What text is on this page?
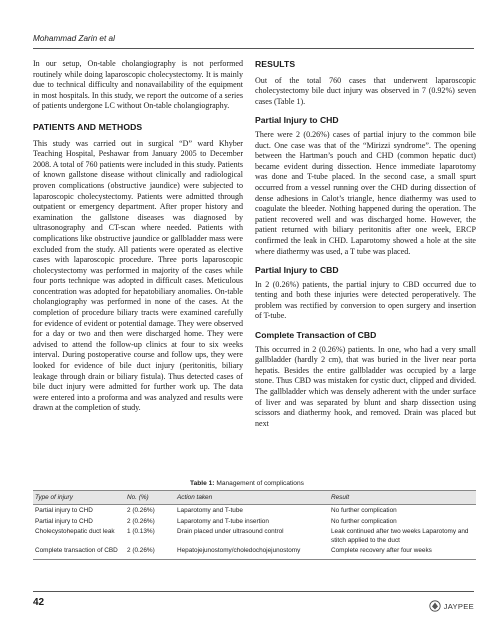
Mohammad Zarin et al

In our setup, On-table cholangiography is not performed routinely while doing laparoscopic cholecystectomy. It is mainly due to technical difficulty and nonavailability of the equipment in most hospitals. In this study, we report the outcome of a series of patients undergone LC without On-table cholangiography.

PATIENTS AND METHODS

This study was carried out in surgical “D” ward Khyber Teaching Hospital, Peshawar from January 2005 to December 2008. A total of 760 patients were included in this study. Patients of known gallstone disease without clinically and radiological proven complications (obstructive jaundice) were subjected to laparoscopic cholecystectomy. Patients were admitted through outpatient or emergency department. After proper history and examination the gallstone diseases was diagnosed by ultrasonography and CT-scan where needed. Patients with complications like obstructive jaundice or gallbladder mass were excluded from the study. All patients were operated as elective cases with laparoscopic procedure. Three ports laparoscopic cholecystectomy was performed in majority of the cases while four ports technique was adopted in difficult cases. Meticulous concentration was adopted for hepatobiliary anomalies. On-table cholangiography was performed in none of the cases. At the completion of procedure biliary tracts were examined carefully for evidence of evident or potential damage. They were observed for a day or two and then were discharged home. They were advised to attend the follow-up clinics at four to six weeks interval. During postoperative course and follow ups, they were looked for evidence of bile duct injury (peritonitis, biliary leakage through drain or biliary fistula). Thus detected cases of bile duct injury were admitted for further work up. The data were entered into a proforma and was analyzed and results were drawn at the completion of study.

RESULTS

Out of the total 760 cases that underwent laparoscopic cholecystectomy bile duct injury was observed in 7 (0.92%) seven cases (Table 1).

Partial Injury to CHD

There were 2 (0.26%) cases of partial injury to the common bile duct. One case was that of the “Mirizzi syndrome”. The opening between the Hartman’s pouch and CHD (common hepatic duct) became evident during dissection. Hence immediate laparotomy was done and T-tube placed. In the second case, a small spurt occurred from a vessel running over the CHD during dissection of dense adhesions in Calot’s triangle, hence diathermy was used to coagulate the bleeder. Nothing happened during the operation. The patient recovered well and was discharged home. However, the patient returned with biliary peritonitis after one week, ERCP confirmed the leak in CHD. Laparotomy showed a hole at the site where diathermy was used, a T tube was placed.

Partial Injury to CBD

In 2 (0.26%) patients, the partial injury to CBD occurred due to tenting and both these injuries were detected peroperatively. The problem was rectified by conversion to open surgery and insertion of T-tube.

Complete Transaction of CBD

This occurred in 2 (0.26%) patients. In one, who had a very small gallbladder (hardly 2 cm), that was buried in the liver near porta hepatis. Besides the entire gallbladder was occupied by a large stone. Thus CBD was mistaken for cystic duct, clipped and divided. The gallbladder which was densely adherent with the under surface of liver and was separated by blunt and sharp dissection using scissors and diathermy hook, and removed. Drain was placed but next

Table 1: Management of complications
Type of injury	No. (%)	Action taken	Result
Partial injury to CHD	2 (0.26%)	Laparotomy and T-tube	No further complication
Partial injury to CHD	2 (0.26%)	Laparotomy and T-tube insertion	No further complication
Cholecystohepatic duct leak	1 (0.13%)	Drain placed under ultrasound control	Leak continued after two weeks Laparotomy and stitch applied to the duct
Complete transaction of CBD	2 (0.26%)	Hepatojejunostomy/choledochojejunostomy	Complete recovery after four weeks
42	JAYPEE
